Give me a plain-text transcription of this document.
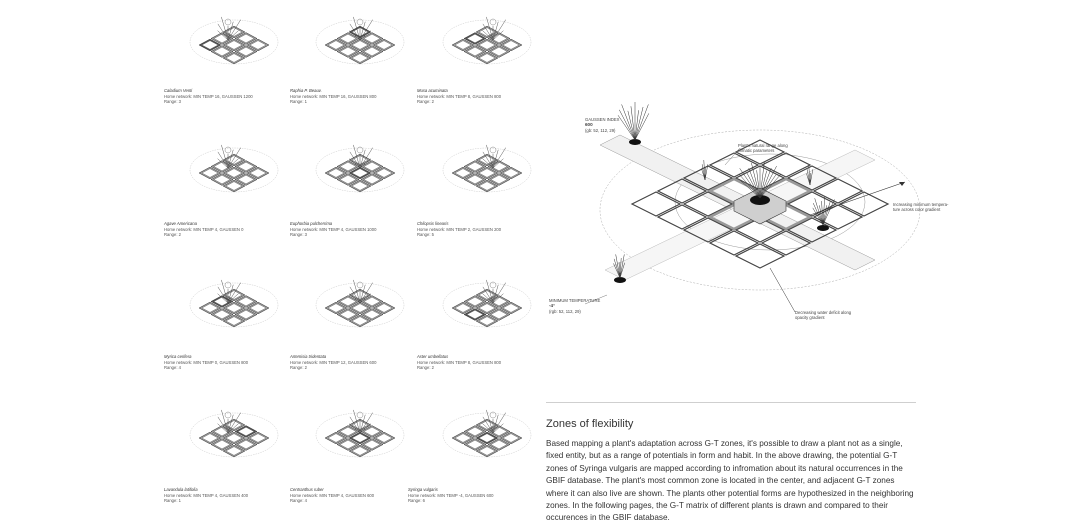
Caladium Venti
Home network: MIN TEMP 16, GAUSSEN 1200
Range: 3
Raphia P. Beauv.
Home network: MIN TEMP 16, GAUSSEN 800
Range: 1
Musa acuminata
Home network: MIN TEMP 8, GAUSSEN 800
Range: 2
Agave Americana
Home network: MIN TEMP 4, GAUSSEN 0
Range: 2
Euphorbia pulcherrima
Home network: MIN TEMP 4, GAUSSEN 1000
Range: 3
Chilopsis linearis
Home network: MIN TEMP 2, GAUSSEN 200
Range: 5
Myrica cerifera
Home network: MIN TEMP 0, GAUSSEN 800
Range: 4
Artemisia tridentata
Home network: MIN TEMP 12, GAUSSEN 600
Range: 2
Aster umbellatus
Home network: MIN TEMP 8, GAUSSEN 800
Range: 2
Lavandula latifolia
Home network: MIN TEMP 4, GAUSSEN 400
Range: 1
Centranthus ruber
Home network: MIN TEMP 4, GAUSSEN 600
Range: 4
Syringa vulgaris
Home network: MIN TEMP -4, GAUSSEN 600
Range: 6
GAUSSEN INDEX
600
(gb: 52, 112, 29)
Plant's natural range along
climatic parameters
Increasing minimum tempera-
ture across color gradient
MINIMUM TEMPERATURE
-4°
(rgb: 52, 112, 29)	Decreasing water deficit along
opacity gradient
Zones of flexibility
Based mapping a plant's adaptation across G-T zones, it's possible to draw a plant not as a single, fixed entity, but as a range of potentials in form and habit. In the above drawing, the potential G-T zones of Syringa vulgaris are mapped according to infromation about its natural occurrences in the GBIF database. The plant's most common zone is located in the center, and adjacent G-T zones where it can also live are shown. The plants other potential forms are hypothesized in the neighboring zones. In the following pages, the G-T matrix of different plants is drawn and compared to their occurences in the GBIF database.
